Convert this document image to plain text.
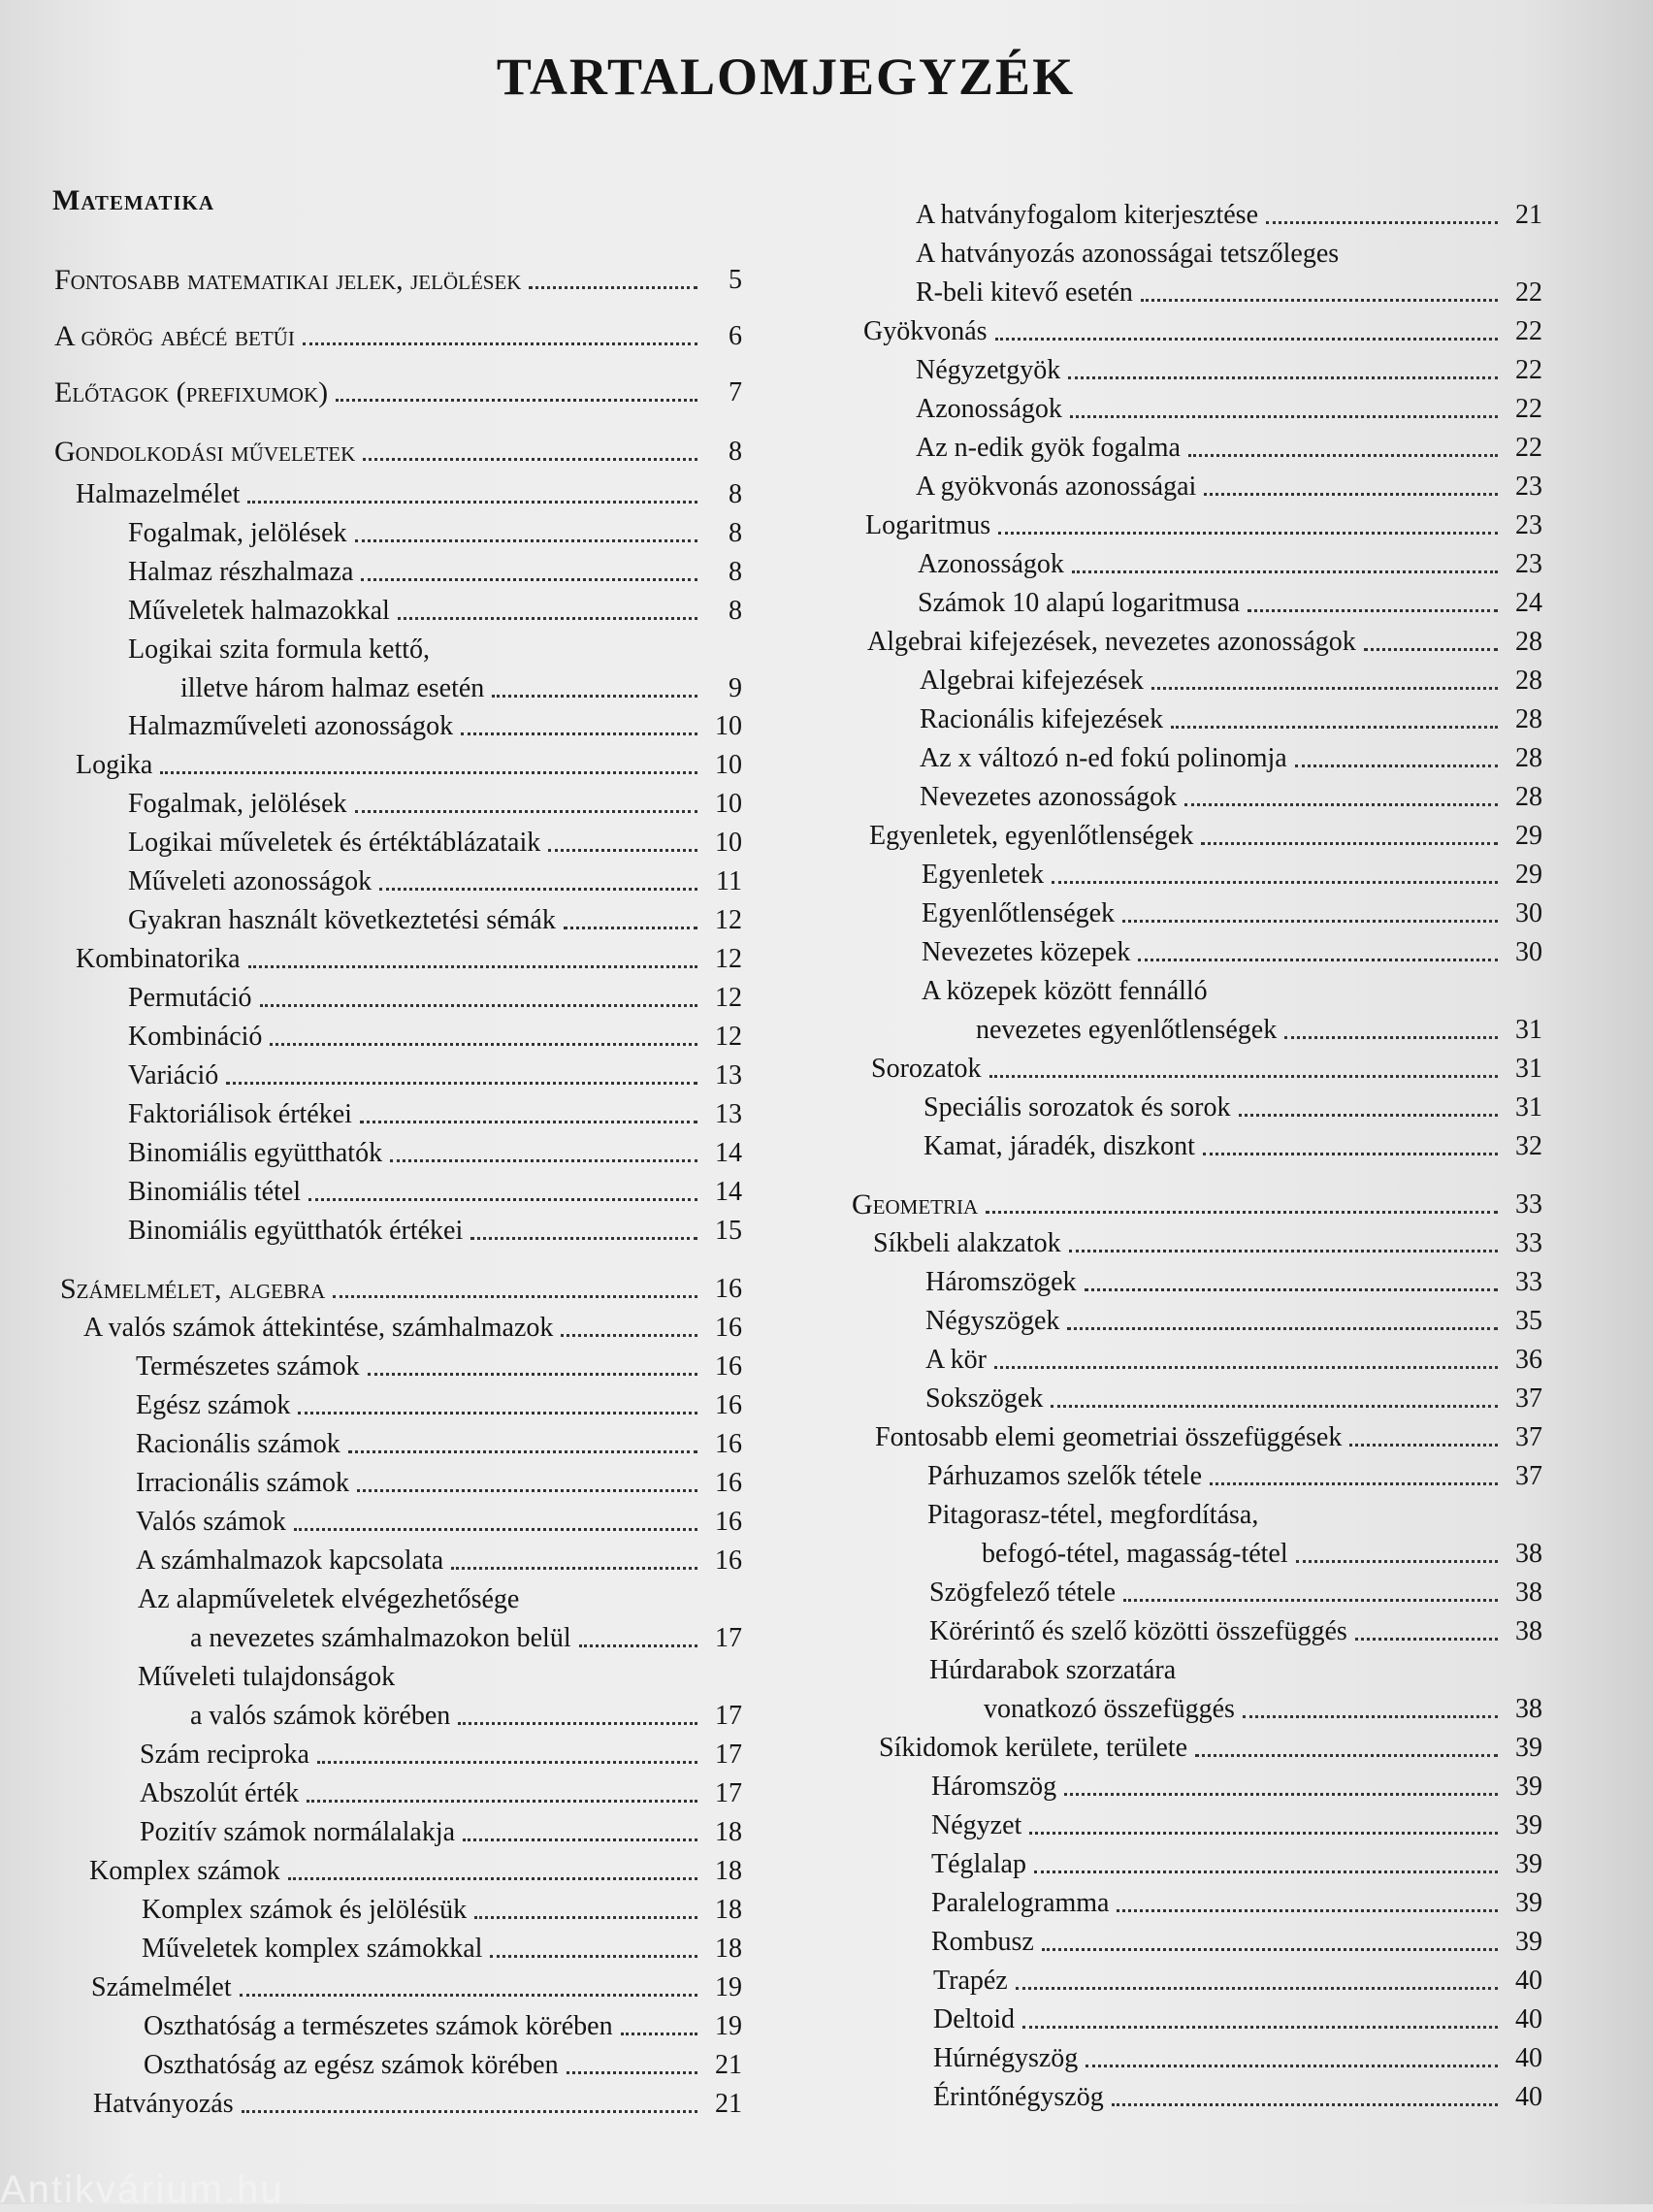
TARTALOMJEGYZÉK
Matematika
Fontosabb matematikai jelek, jelölések	5
A görög abécé betűi	6
Előtagok (prefixumok)	7
Gondolkodási műveletek	8
Halmazelmélet	8
Fogalmak, jelölések	8
Halmaz részhalmaza	8
Műveletek halmazokkal	8
Logikai szita formula kettő,
illetve három halmaz esetén	9
Halmazműveleti azonosságok	10
Logika	10
Fogalmak, jelölések	10
Logikai műveletek és értéktáblázataik	10
Műveleti azonosságok	11
Gyakran használt következtetési sémák	12
Kombinatorika	12
Permutáció	12
Kombináció	12
Variáció	13
Faktoriálisok értékei	13
Binomiális együtthatók	14
Binomiális tétel	14
Binomiális együtthatók értékei	15
Számelmélet, algebra	16
A valós számok áttekintése, számhalmazok	16
Természetes számok	16
Egész számok	16
Racionális számok	16
Irracionális számok	16
Valós számok	16
A számhalmazok kapcsolata	16
Az alapműveletek elvégezhetősége
a nevezetes számhalmazokon belül	17
Műveleti tulajdonságok
a valós számok körében	17
Szám reciproka	17
Abszolút érték	17
Pozitív számok normálalakja	18
Komplex számok	18
Komplex számok és jelölésük	18
Műveletek komplex számokkal	18
Számelmélet	19
Oszthatóság a természetes számok körében	19
Oszthatóság az egész számok körében	21
Hatványozás	21
A hatványfogalom kiterjesztése	21
A hatványozás azonosságai tetszőleges
R-beli kitevő esetén	22
Gyökvonás	22
Négyzetgyök	22
Azonosságok	22
Az n-edik gyök fogalma	22
A gyökvonás azonosságai	23
Logaritmus	23
Azonosságok	23
Számok 10 alapú logaritmusa	24
Algebrai kifejezések, nevezetes azonosságok	28
Algebrai kifejezések	28
Racionális kifejezések	28
Az x változó n-ed fokú polinomja	28
Nevezetes azonosságok	28
Egyenletek, egyenlőtlenségek	29
Egyenletek	29
Egyenlőtlenségek	30
Nevezetes közepek	30
A közepek között fennálló
nevezetes egyenlőtlenségek	31
Sorozatok	31
Speciális sorozatok és sorok	31
Kamat, járadék, diszkont	32
Geometria	33
Síkbeli alakzatok	33
Háromszögek	33
Négyszögek	35
A kör	36
Sokszögek	37
Fontosabb elemi geometriai összefüggések	37
Párhuzamos szelők tétele	37
Pitagorasz-tétel, megfordítása,
befogó-tétel, magasság-tétel	38
Szögfelező tétele	38
Körérintő és szelő közötti összefüggés	38
Húrdarabok szorzatára
vonatkozó összefüggés	38
Síkidomok kerülete, területe	39
Háromszög	39
Négyzet	39
Téglalap	39
Paralelogramma	39
Rombusz	39
Trapéz	40
Deltoid	40
Húrnégyszög	40
Érintőnégyszög	40
Antikvárium.hu
